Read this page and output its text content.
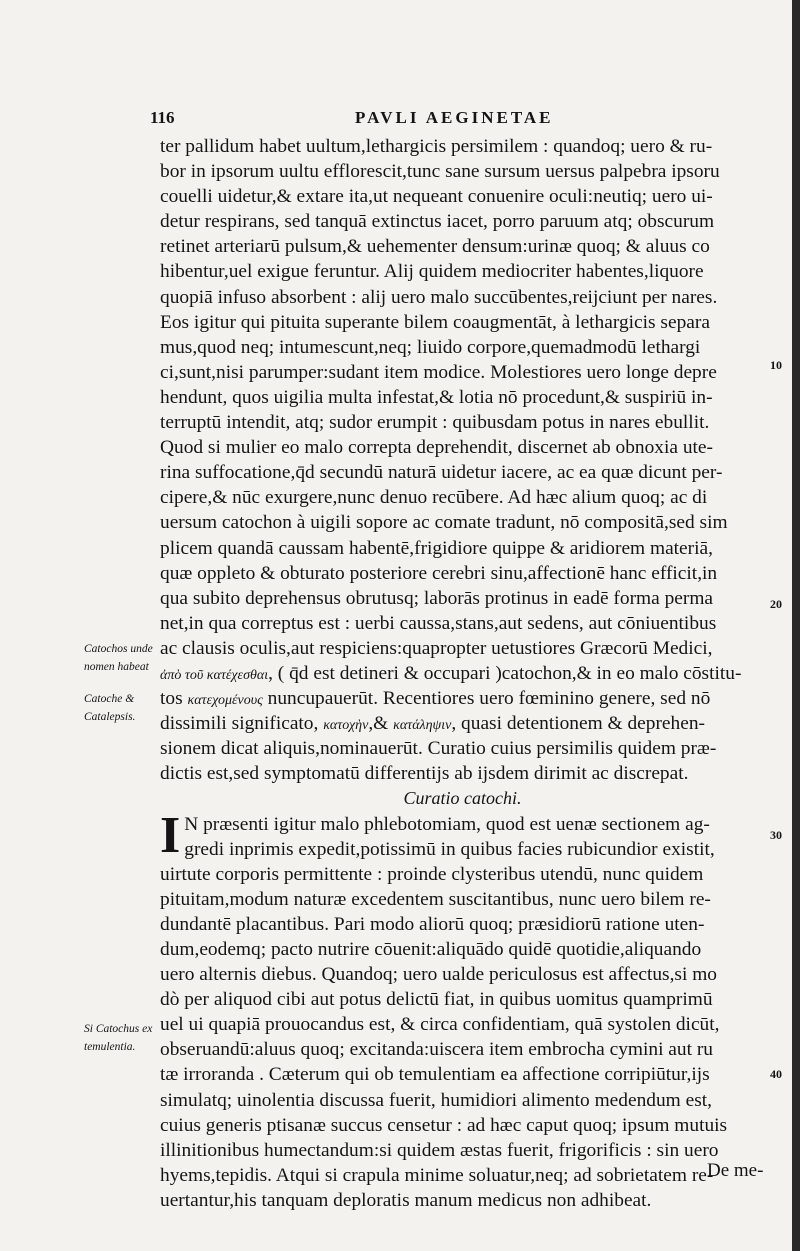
116	PAVLI AEGINETAE
ter pallidum habet uultum,lethargicis persimilem : quandoq; uero & ru-
bor in ipsorum uultu efflorescit,tunc sane sursum uersus palpebra ipsoru
couelli uidetur,& extare ita,ut nequeant conuenire oculi:neutiq; uero ui-
detur respirans, sed tanquā extinctus iacet, porro paruum atq; obscurum
retinet arteriarū pulsum,& uehementer densum:urinæ quoq; & aluus co
hibentur,uel exigue feruntur. Alij quidem mediocriter habentes,liquore
quopiā infuso absorbent : alij uero malo succūbentes,reijciunt per nares.
Eos igitur qui pituita superante bilem coaugmentāt, à lethargicis separa
mus,quod neq; intumescunt,neq; liuido corpore,quemadmodū lethargi
ci,sunt,nisi parumper:sudant item modice. Molestiores uero longe depre
hendunt, quos uigilia multa infestat,& lotia nō procedunt,& suspiriū in-
terruptū intendit, atq; sudor erumpit : quibusdam potus in nares ebullit.
Quod si mulier eo malo correpta deprehendit, discernet ab obnoxia ute-
rina suffocatione,q̄d secundū naturā uidetur iacere, ac ea quæ dicunt per-
cipere,& nūc exurgere,nunc denuo recūbere. Ad hæc alium quoq; ac di
uersum catochon à uigili sopore ac comate tradunt, nō compositā,sed sim
plicem quandā caussam habentē,frigidiore quippe & aridiorem materiā,
quæ oppleto & obturato posteriore cerebri sinu,affectionē hanc efficit,in
qua subito deprehensus obrutusq; laborās protinus in eadē forma perma
net,in qua correptus est : uerbi caussa,stans,aut sedens, aut cōniuentibus
ac clausis oculis,aut respiciens:quapropter uetustiores Græcorū Medici,
ἀπὸ τοῦ κατέχεσθαι, ( q̄d est detineri & occupari )catochon,& in eo malo cōstitu-
tos κατεχομένους nuncupauerūt. Recentiores uero fœminino genere, sed nō
dissimili significato, κατοχὴν,& κατάληψιν, quasi detentionem & deprehen-
sionem dicat aliquis,nominauerūt. Curatio cuius persimilis quidem præ-
dictis est,sed symptomatū differentijs ab ijsdem dirimit ac discrepat.
Curatio catochi.
I N præsenti igitur malo phlebotomiam, quod est uenæ sectionem ag-
gredi inprimis expedit,potissimū in quibus facies rubicundior existit,
uirtute corporis permittente : proinde clysteribus utendū, nunc quidem
pituitam,modum naturæ excedentem suscitantibus, nunc uero bilem re-
dundantē placantibus. Pari modo aliorū quoq; præsidiorū ratione uten-
dum,eodemq; pacto nutrire cōuenit:aliquādo quidē quotidie,aliquando
uero alternis diebus. Quandoq; uero ualde periculosus est affectus,si mo
dò per aliquod cibi aut potus delictū fiat, in quibus uomitus quamprimū
uel ui quapiā prouocandus est, & circa confidentiam, quā systolen dicūt,
obseruandū:aluus quoq; excitanda:uiscera item embrocha cymini aut ru
tæ irroranda . Cæterum qui ob temulentiam ea affectione corripiūtur,ijs
simulatq; uinolentia discussa fuerit, humidiori alimento medendum est,
cuius generis ptisanæ succus censetur : ad hæc caput quoq; ipsum mutuis
illinitionibus humectandum:si quidem æstas fuerit, frigorificis : sin uero
hyems,tepidis. Atqui si crapula minime soluatur,neq; ad sobrietatem re-
uertantur,his tanquam deploratis manum medicus non adhibeat.
Catochos unde nomen habeat
Catoche & Catalepsis.
Si Catochus ex temulentia.
10
20
30
40
De me-
